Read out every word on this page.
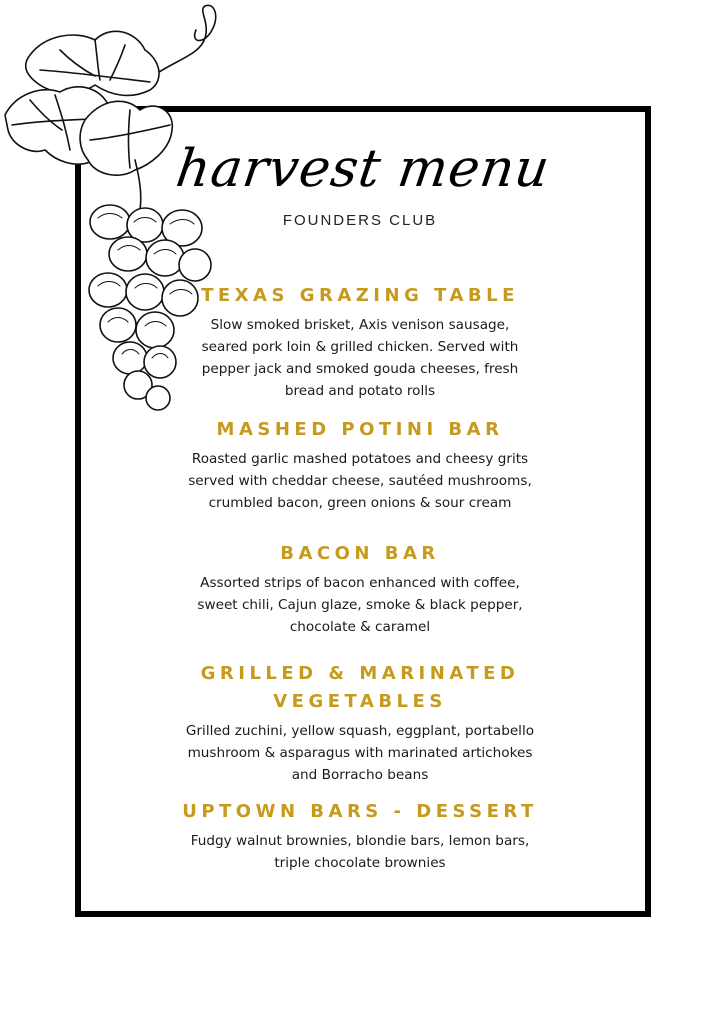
harvest menu
FOUNDERS CLUB
TEXAS GRAZING TABLE

Slow smoked brisket, Axis venison sausage,
seared pork loin & grilled chicken. Served with
pepper jack and smoked gouda cheeses, fresh
bread and potato rolls

MASHED POTINI BAR

Roasted garlic mashed potatoes and cheesy grits
served with cheddar cheese, sautéed mushrooms,
crumbled bacon, green onions & sour cream

BACON BAR

Assorted strips of bacon enhanced with coffee,
sweet chili, Cajun glaze, smoke & black pepper,
chocolate & caramel

GRILLED & MARINATED VEGETABLES

Grilled zuchini, yellow squash, eggplant, portabello
mushroom & asparagus with marinated artichokes
and Borracho beans

UPTOWN BARS - DESSERT

Fudgy walnut brownies, blondie bars, lemon bars,
triple chocolate brownies
